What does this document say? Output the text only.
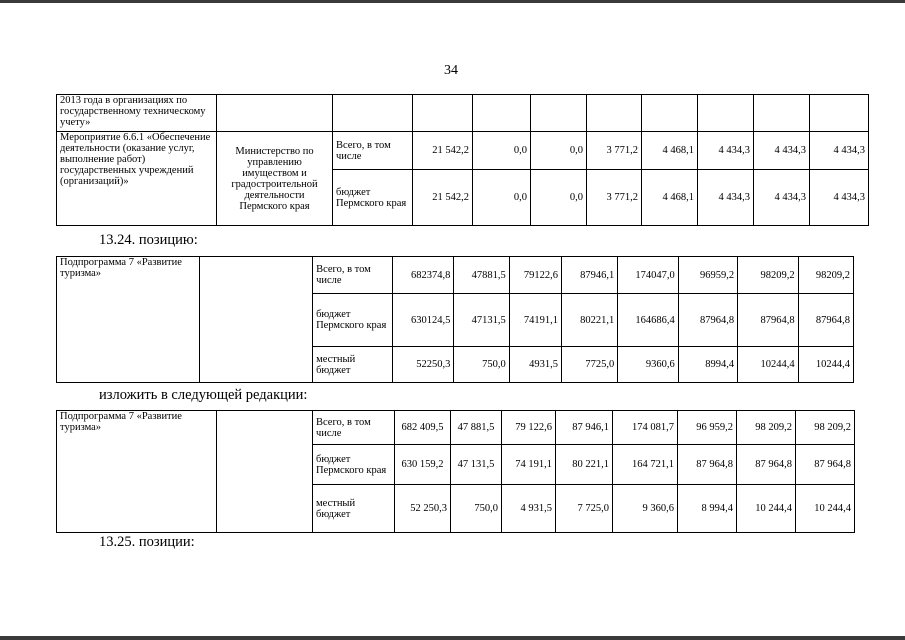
34
2013 года в организациях по государственному техническому учету»										
Мероприятие 6.6.1 «Обеспечение деятельности (оказание услуг, выполнение работ) государственных учреждений (организаций)»	Министерство по управлению имуществом и градостроительной деятельности Пермского края	Всего, в том числе	21 542,2	0,0	0,0	3 771,2	4 468,1	4 434,3	4 434,3	4 434,3
		бюджет Пермского края	21 542,2	0,0	0,0	3 771,2	4 468,1	4 434,3	4 434,3	4 434,3
13.24. позицию:
Подпрограмма 7 «Развитие туризма»		Всего, в том числе	682374,8	47881,5	79122,6	87946,1	174047,0	96959,2	98209,2	98209,2
		бюджет Пермского края	630124,5	47131,5	74191,1	80221,1	164686,4	87964,8	87964,8	87964,8
		местный бюджет	52250,3	750,0	4931,5	7725,0	9360,6	8994,4	10244,4	10244,4
изложить в следующей редакции:
Подпрограмма 7 «Развитие туризма»		Всего, в том числе	682 409,5	47 881,5	79 122,6	87 946,1	174 081,7	96 959,2	98 209,2	98 209,2
		бюджет Пермского края	630 159,2	47 131,5	74 191,1	80 221,1	164 721,1	87 964,8	87 964,8	87 964,8
		местный бюджет	52 250,3	750,0	4 931,5	7 725,0	9 360,6	8 994,4	10 244,4	10 244,4
13.25. позиции:
